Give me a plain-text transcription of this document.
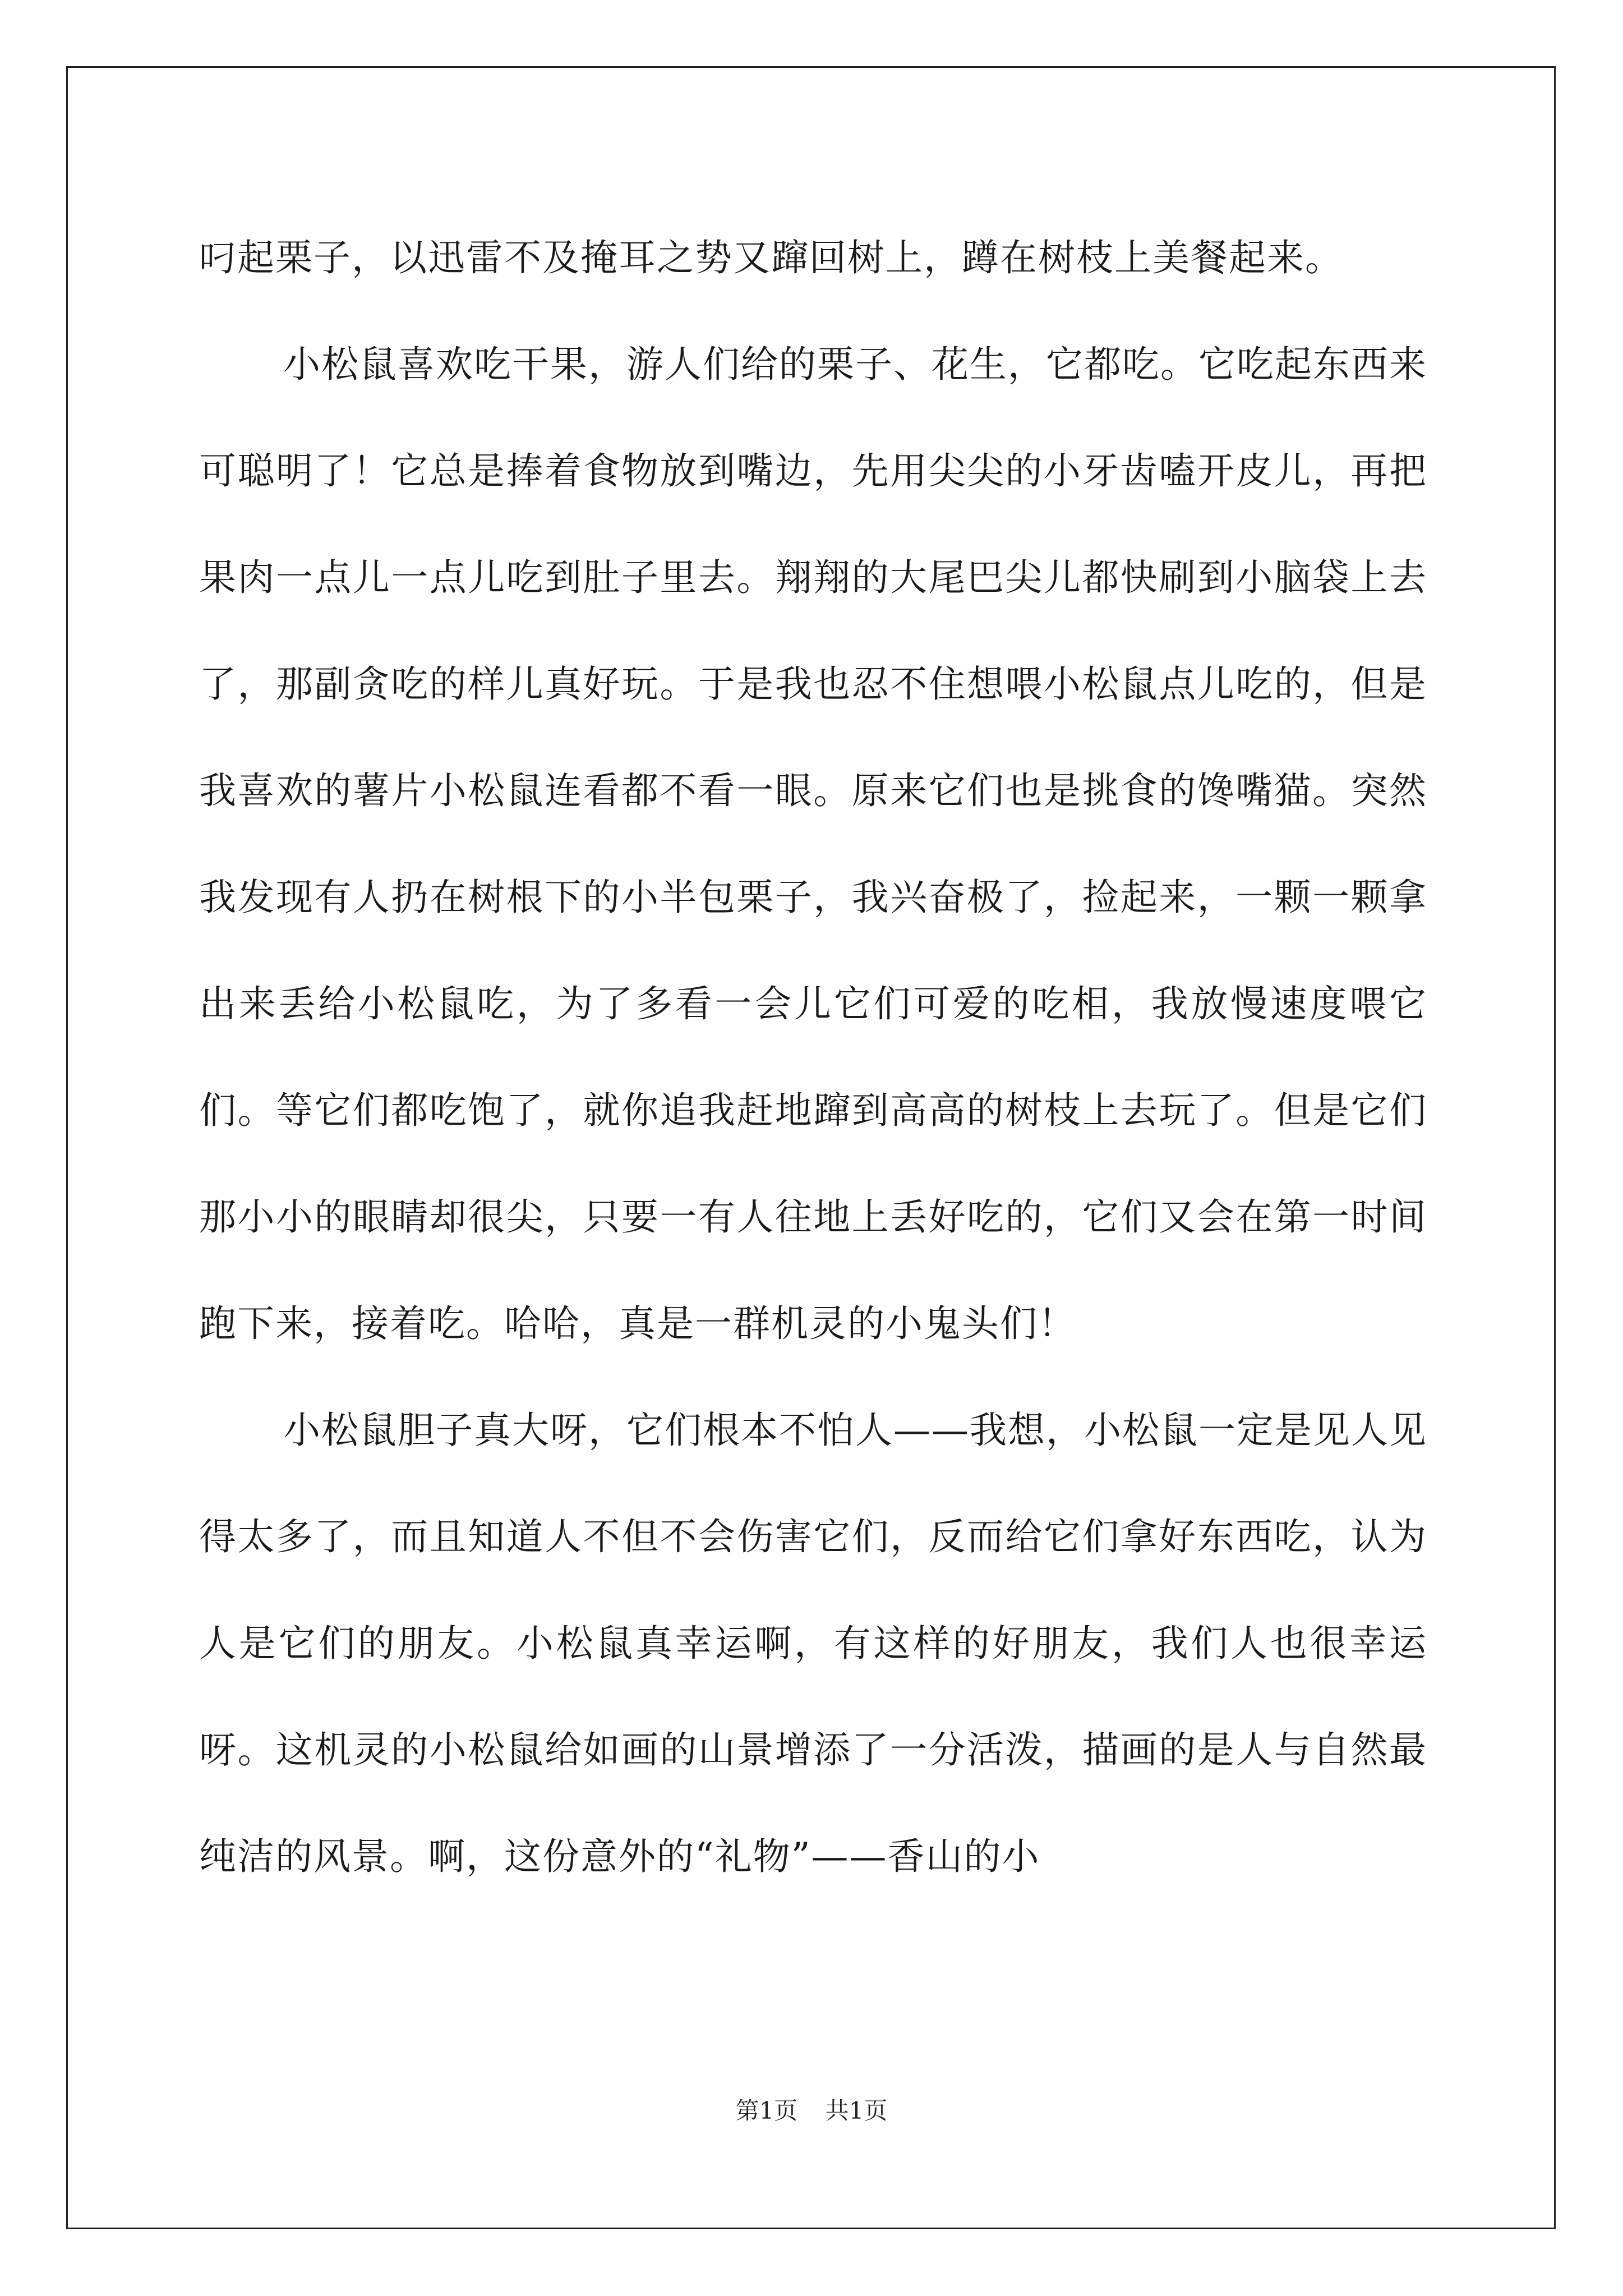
叼起栗子，以迅雷不及掩耳之势又蹿回树上，蹲在树枝上美餐起来。

小松鼠喜欢吃干果，游人们给的栗子、花生，它都吃。它吃起东西来可聪明了！它总是捧着食物放到嘴边，先用尖尖的小牙齿嗑开皮儿，再把果肉一点儿一点儿吃到肚子里去。翔翔的大尾巴尖儿都快刷到小脑袋上去了，那副贪吃的样儿真好玩。于是我也忍不住想喂小松鼠点儿吃的，但是我喜欢的薯片小松鼠连看都不看一眼。原来它们也是挑食的馋嘴猫。突然我发现有人扔在树根下的小半包栗子，我兴奋极了，捡起来，一颗一颗拿出来丢给小松鼠吃，为了多看一会儿它们可爱的吃相，我放慢速度喂它们。等它们都吃饱了，就你追我赶地蹿到高高的树枝上去玩了。但是它们那小小的眼睛却很尖，只要一有人往地上丢好吃的，它们又会在第一时间跑下来，接着吃。哈哈，真是一群机灵的小鬼头们！

小松鼠胆子真大呀，它们根本不怕人——我想，小松鼠一定是见人见得太多了，而且知道人不但不会伤害它们，反而给它们拿好东西吃，认为人是它们的朋友。小松鼠真幸运啊，有这样的好朋友，我们人也很幸运呀。这机灵的小松鼠给如画的山景增添了一分活泼，描画的是人与自然最纯洁的风景。啊，这份意外的“礼物”——香山的小

第1页 共1页
